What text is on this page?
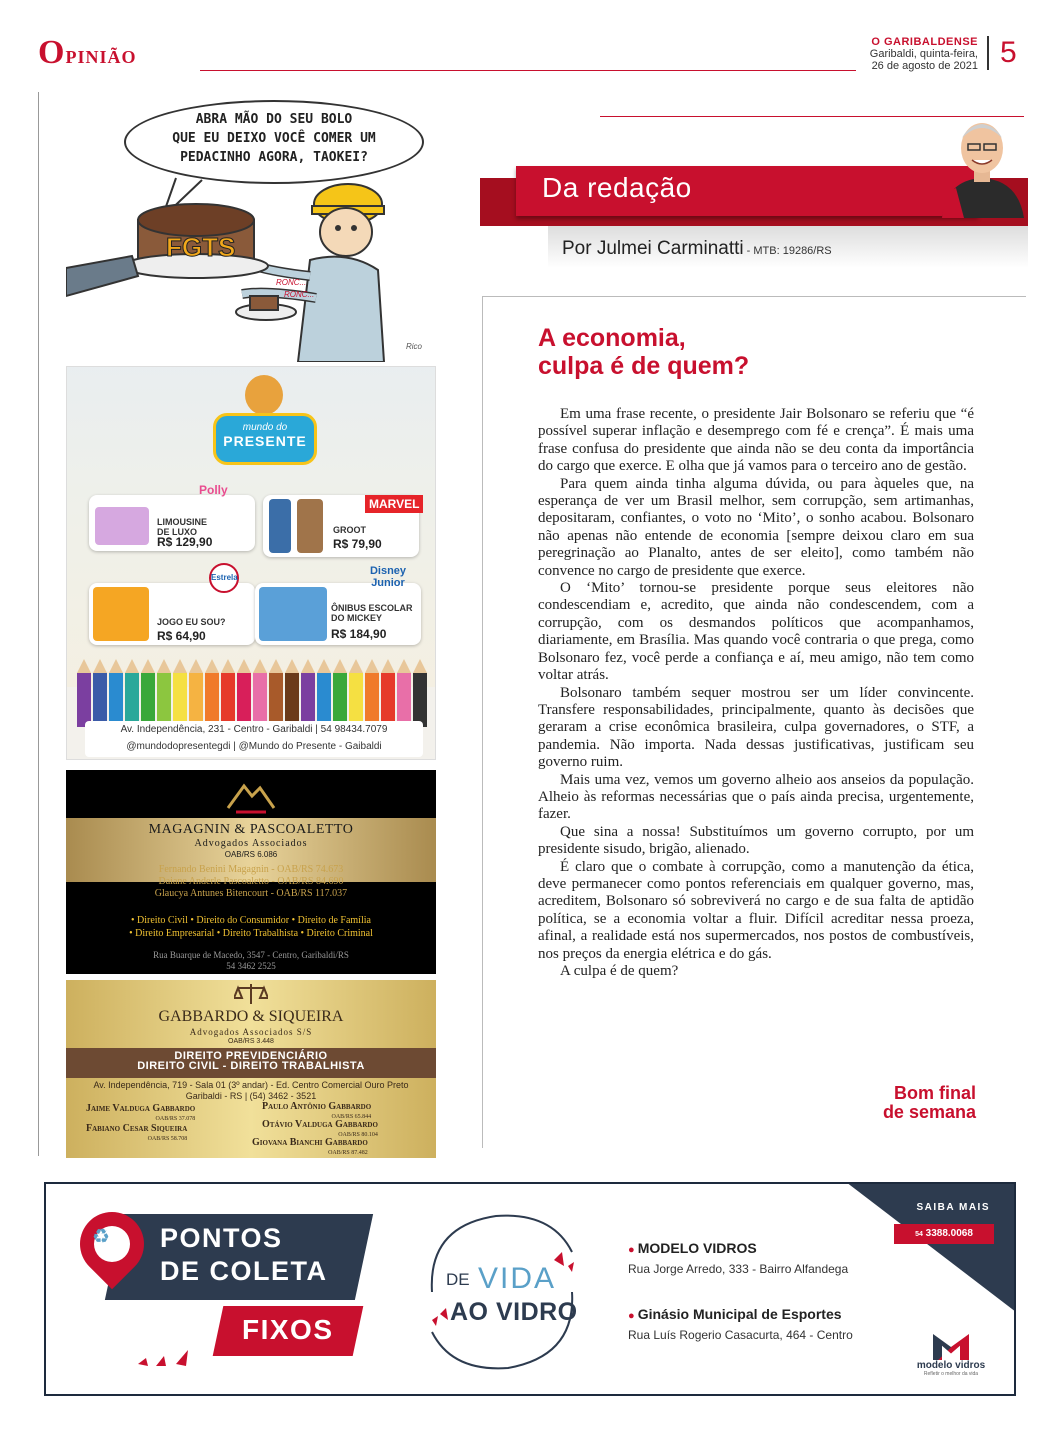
Opinião	O GARIBALDENSE
Garibaldi, quinta-feira,
26 de agosto de 2021 5
ABRA MÃO DO SEU BOLO
QUE EU DEIXO VOCÊ COMER UM
PEDACINHO AGORA, TAOKEI?
FGTS
RONC...
RONC...
Rico
mundo do
PRESENTE
LIMOUSINE
DE LUXO
R$ 129,90
Polly
GROOT
R$ 79,90
MARVEL
JOGO EU SOU?
R$ 64,90
Estrela
ÔNIBUS ESCOLAR
DO MICKEY
R$ 184,90
Disney Junior
Av. Independência, 231 - Centro - Garibaldi | 54 98434.7079
@mundodopresentegdi | @Mundo do Presente - Gaibaldi
MAGAGNIN & PASCOALETTO
Advogados Associados
OAB/RS 6.086
Fernando Benini Magagnin - OAB/RS 74.673
Daiane Anderle Pascoaletto - OAB/RS 84.690
Glaucya Antunes Bitencourt - OAB/RS 117.037
• Direito Civil • Direito do Consumidor • Direito de Família
• Direito Empresarial • Direito Trabalhista • Direito Criminal
Rua Buarque de Macedo, 3547 - Centro, Garibaldi/RS
54 3462 2525
GABBARDO & SIQUEIRA
Advogados Associados S/S
OAB/RS 3.448
DIREITO PREVIDENCIÁRIO
DIREITO CIVIL - DIREITO TRABALHISTA
Av. Independência, 719 - Sala 01 (3º andar) - Ed. Centro Comercial Ouro Preto
Garibaldi - RS | (54) 3462 - 3521
Jaime Valduga Gabbardo
OAB/RS 37.078
Fabiano Cesar Siqueira
OAB/RS 58.708
Paulo Antônio Gabbardo
OAB/RS 65.844
Otávio Valduga Gabbardo
OAB/RS 80.104
Giovana Bianchi Gabbardo
OAB/RS 87.482
Da redação
Por Julmei Carminatti - MTB: 19286/RS
A economia,
culpa é de quem?

Em uma frase recente, o presidente Jair Bolsonaro se referiu que “é possível superar inflação e desemprego com fé e crença”. É mais uma frase confusa do presidente que ainda não se deu conta da importância do cargo que exerce. E olha que já vamos para o terceiro ano de gestão.

Para quem ainda tinha alguma dúvida, ou para àqueles que, na esperança de ver um Brasil melhor, sem corrupção, sem artimanhas, depositaram, confiantes, o voto no ‘Mito’, o sonho acabou. Bolsonaro não apenas não entende de economia [sempre deixou claro em sua peregrinação ao Planalto, antes de ser eleito], como também não convence no cargo de presidente que exerce.

O ‘Mito’ tornou-se presidente porque seus eleitores não condescendiam e, acredito, que ainda não condescendem, com a corrupção, com os desmandos políticos que acompanhamos, diariamente, em Brasília. Mas quando você contraria o que prega, como Bolsonaro fez, você perde a confiança e aí, meu amigo, não tem como voltar atrás.

Bolsonaro também sequer mostrou ser um líder convincente. Transfere responsabilidades, principalmente, quanto às decisões que geraram a crise econômica brasileira, culpa governadores, o STF, a pandemia. Não importa. Nada dessas justificativas, justificam seu governo ruim.

Mais uma vez, vemos um governo alheio aos anseios da população. Alheio às reformas necessárias que o país ainda precisa, urgentemente, fazer.

Que sina a nossa! Substituímos um governo corrupto, por um presidente sisudo, brigão, alienado.

É claro que o combate à corrupção, como a manutenção da ética, deve permanecer como pontos referenciais em qualquer governo, mas, acreditem, Bolsonaro só sobreviverá no cargo e de sua falta de aptidão política, se a economia voltar a fluir. Difícil acreditar nessa proeza, afinal, a realidade está nos supermercados, nos postos de combustíveis, nos preços da energia elétrica e do gás.

A culpa é de quem?

Bom final
de semana
♻ PONTOS
DE COLETA
FIXOS
DE VIDA
AO VIDRO
● MODELO VIDROS
Rua Jorge Arredo, 333 - Bairro Alfandega
● Ginásio Municipal de Esportes
Rua Luís Rogerio Casacurta, 464 - Centro
SAIBA MAIS
54 3388.0068
modelo vidros
Refletir o melhor da vida
